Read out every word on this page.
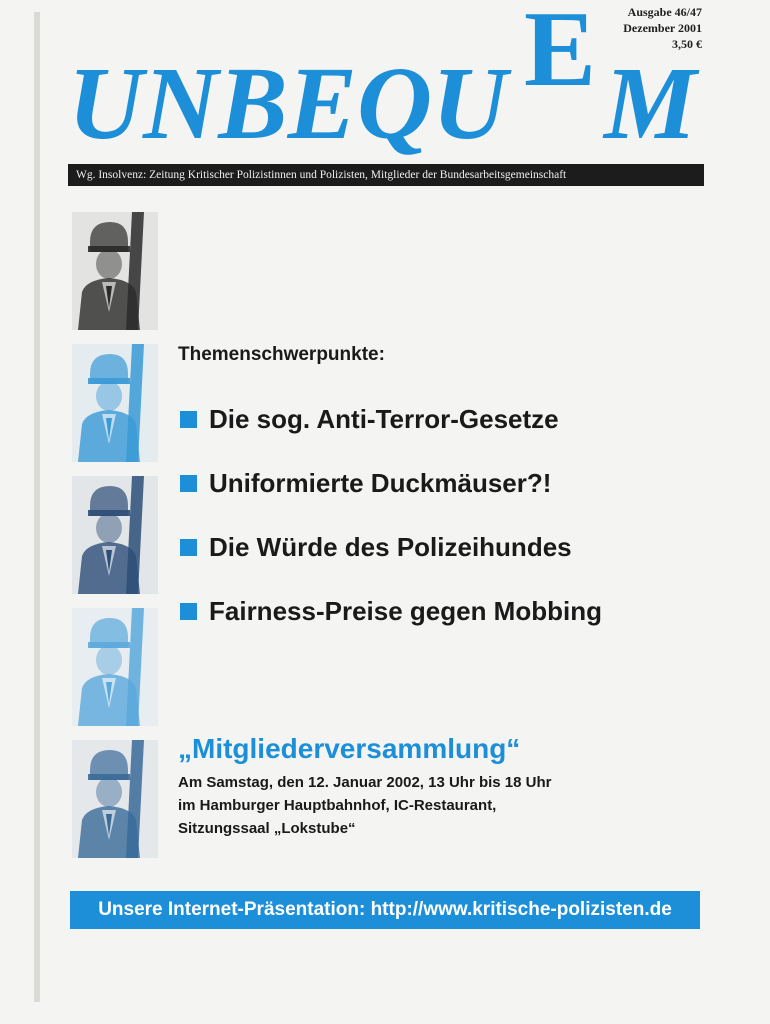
Ausgabe 46/47
Dezember 2001
3,50 €
UNBEQU E M
Wg. Insolvenz: Zeitung Kritischer Polizistinnen und Polizisten, Mitglieder der Bundesarbeitsgemeinschaft
Themenschwerpunkte:
Die sog. Anti-Terror-Gesetze
Uniformierte Duckmäuser?!
Die Würde des Polizeihundes
Fairness-Preise gegen Mobbing
„Mitgliederversammlung“
Am Samstag, den 12. Januar 2002, 13 Uhr bis 18 Uhr
im Hamburger Hauptbahnhof, IC-Restaurant,
Sitzungssaal „Lokstube“
Unsere Internet-Präsentation: http://www.kritische-polizisten.de
